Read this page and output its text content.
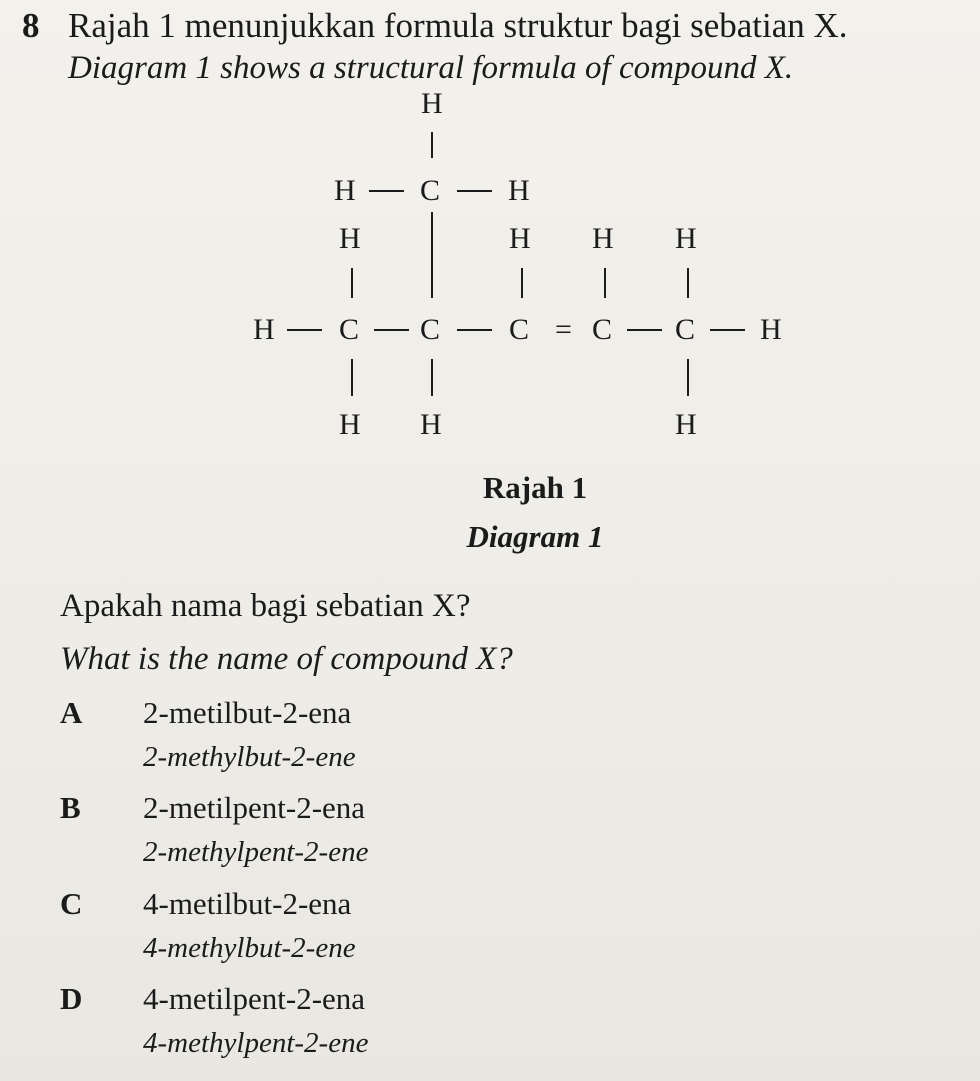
8 Rajah 1 menunjukkan formula struktur bagi sebatian X.
Diagram 1 shows a structural formula of compound X.
H
H C H
H	H H H
H C C C = C C H
H H	H
Rajah 1
Diagram 1
Apakah nama bagi sebatian X?
What is the name of compound X?
A 2-metilbut-2-ena
2-methylbut-2-ene
B 2-metilpent-2-ena
2-methylpent-2-ene
C 4-metilbut-2-ena
4-methylbut-2-ene
D 4-metilpent-2-ena
4-methylpent-2-ene
